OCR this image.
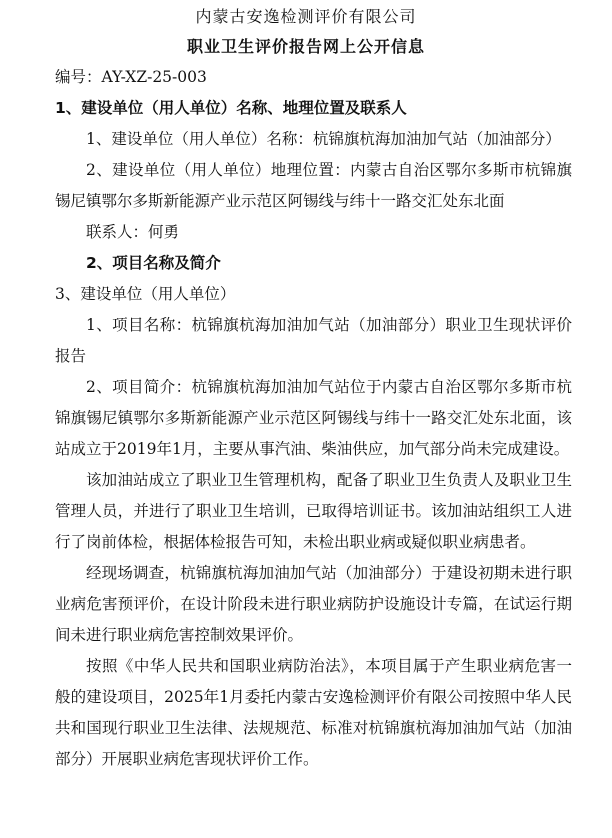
内蒙古安逸检测评价有限公司
职业卫生评价报告网上公开信息

编号：AY-XZ-25-003

1、建设单位（用人单位）名称、地理位置及联系人

1、建设单位（用人单位）名称：杭锦旗杭海加油加气站（加油部分）

2、建设单位（用人单位）地理位置：内蒙古自治区鄂尔多斯市杭锦旗锡尼镇鄂尔多斯新能源产业示范区阿锡线与纬十一路交汇处东北面

联系人：何勇

2、项目名称及简介

3、建设单位（用人单位）

1、项目名称：杭锦旗杭海加油加气站（加油部分）职业卫生现状评价报告

2、项目简介：杭锦旗杭海加油加气站位于内蒙古自治区鄂尔多斯市杭锦旗锡尼镇鄂尔多斯新能源产业示范区阿锡线与纬十一路交汇处东北面，该站成立于2019年1月，主要从事汽油、柴油供应，加气部分尚未完成建设。

该加油站成立了职业卫生管理机构，配备了职业卫生负责人及职业卫生管理人员，并进行了职业卫生培训，已取得培训证书。该加油站组织工人进行了岗前体检，根据体检报告可知，未检出职业病或疑似职业病患者。

经现场调查，杭锦旗杭海加油加气站（加油部分）于建设初期未进行职业病危害预评价，在设计阶段未进行职业病防护设施设计专篇，在试运行期间未进行职业病危害控制效果评价。

按照《中华人民共和国职业病防治法》，本项目属于产生职业病危害一般的建设项目，2025年1月委托内蒙古安逸检测评价有限公司按照中华人民共和国现行职业卫生法律、法规规范、标准对杭锦旗杭海加油加气站（加油部分）开展职业病危害现状评价工作。
